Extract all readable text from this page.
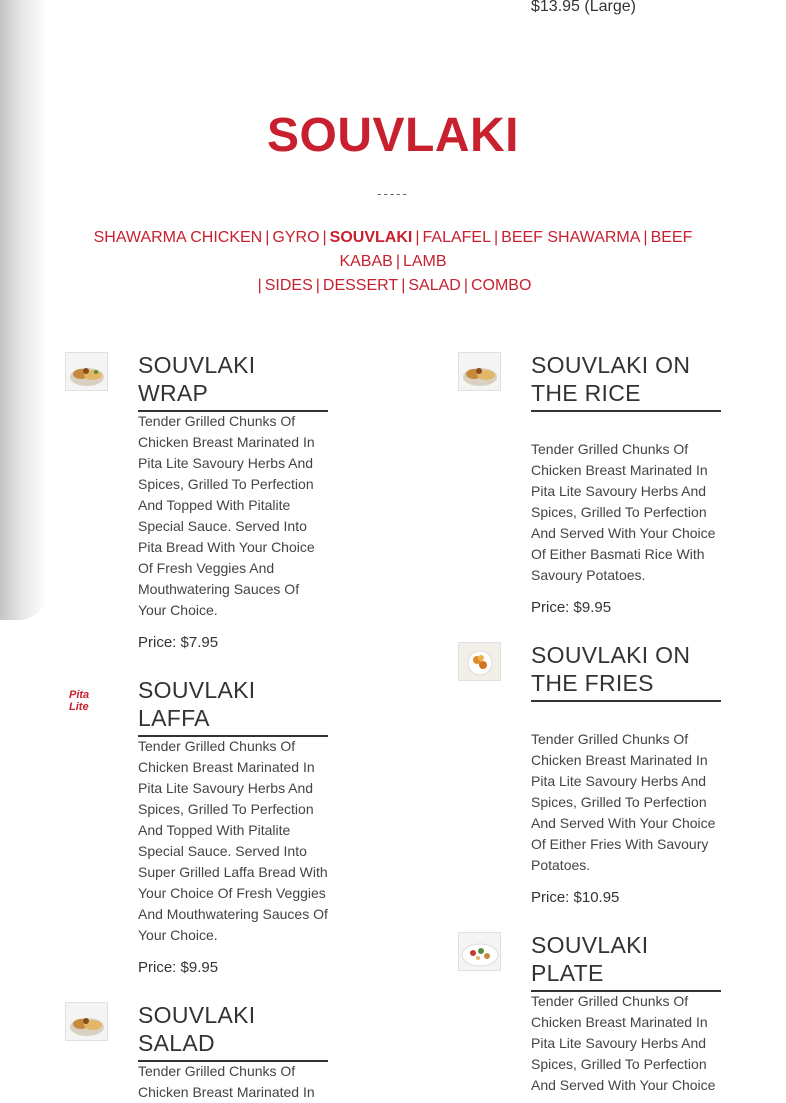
$13.95 (Large)
SOUVLAKI
-----
SHAWARMA CHICKEN | GYRO | SOUVLAKI | FALAFEL | BEEF SHAWARMA | BEEF KABAB | LAMB
| SIDES | DESSERT | SALAD | COMBO
SOUVLAKI WRAP
Tender Grilled Chunks Of Chicken Breast Marinated In Pita Lite Savoury Herbs And Spices, Grilled To Perfection And Topped With Pitalite Special Sauce. Served Into Pita Bread With Your Choice Of Fresh Veggies And Mouthwatering Sauces Of Your Choice.
Price: $7.95
Pita Lite
SOUVLAKI LAFFA
Tender Grilled Chunks Of Chicken Breast Marinated In Pita Lite Savoury Herbs And Spices, Grilled To Perfection And Topped With Pitalite Special Sauce. Served Into Super Grilled Laffa Bread With Your Choice Of Fresh Veggies And Mouthwatering Sauces Of Your Choice.
Price: $9.95
SOUVLAKI SALAD
Tender Grilled Chunks Of Chicken Breast Marinated In
SOUVLAKI ON THE RICE
Tender Grilled Chunks Of Chicken Breast Marinated In Pita Lite Savoury Herbs And Spices, Grilled To Perfection And Served With Your Choice Of Either Basmati Rice With Savoury Potatoes.
Price: $9.95
SOUVLAKI ON THE FRIES
Tender Grilled Chunks Of Chicken Breast Marinated In Pita Lite Savoury Herbs And Spices, Grilled To Perfection And Served With Your Choice Of Either Fries With Savoury Potatoes.
Price: $10.95
SOUVLAKI PLATE
Tender Grilled Chunks Of Chicken Breast Marinated In Pita Lite Savoury Herbs And Spices, Grilled To Perfection And Served With Your Choice
